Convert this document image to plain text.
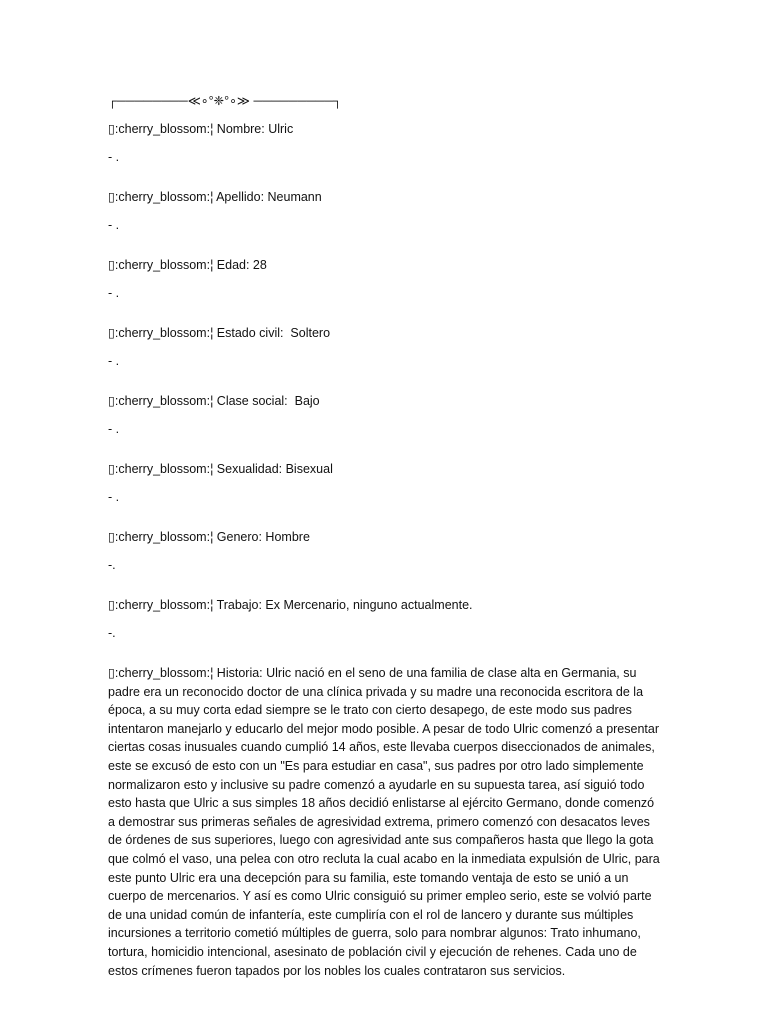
┌────────≪∘°❈°∘≫ ─────────┐

▯:cherry_blossom:¦ Nombre: Ulric

- .

▯:cherry_blossom:¦ Apellido: Neumann

- .

▯:cherry_blossom:¦ Edad: 28

- .

▯:cherry_blossom:¦ Estado civil:  Soltero

- .

▯:cherry_blossom:¦ Clase social:  Bajo

- .

▯:cherry_blossom:¦ Sexualidad: Bisexual

- .

▯:cherry_blossom:¦ Genero: Hombre

-.

▯:cherry_blossom:¦ Trabajo: Ex Mercenario, ninguno actualmente.

-.

▯:cherry_blossom:¦ Historia: Ulric nació en el seno de una familia de clase alta en Germania, su padre era un reconocido doctor de una clínica privada y su madre una reconocida escritora de la época, a su muy corta edad siempre se le trato con cierto desapego, de este modo sus padres intentaron manejarlo y educarlo del mejor modo posible. A pesar de todo Ulric comenzó a presentar ciertas cosas inusuales cuando cumplió 14 años, este llevaba cuerpos diseccionados de animales, este se excusó de esto con un "Es para estudiar en casa", sus padres por otro lado simplemente normalizaron esto y inclusive su padre comenzó a ayudarle en su supuesta tarea, así siguió todo esto hasta que Ulric a sus simples 18 años decidió enlistarse al ejército Germano, donde comenzó a demostrar sus primeras señales de agresividad extrema, primero comenzó con desacatos leves de órdenes de sus superiores, luego con agresividad ante sus compañeros hasta que llego la gota que colmó el vaso, una pelea con otro recluta la cual acabo en la inmediata expulsión de Ulric, para este punto Ulric era una decepción para su familia, este tomando ventaja de esto se unió a un cuerpo de mercenarios. Y así es como Ulric consiguió su primer empleo serio, este se volvió parte de una unidad común de infantería, este cumpliría con el rol de lancero y durante sus múltiples incursiones a territorio cometió múltiples de guerra, solo para nombrar algunos: Trato inhumano, tortura, homicidio intencional, asesinato de población civil y ejecución de rehenes. Cada uno de estos crímenes fueron tapados por los nobles los cuales contrataron sus servicios.
